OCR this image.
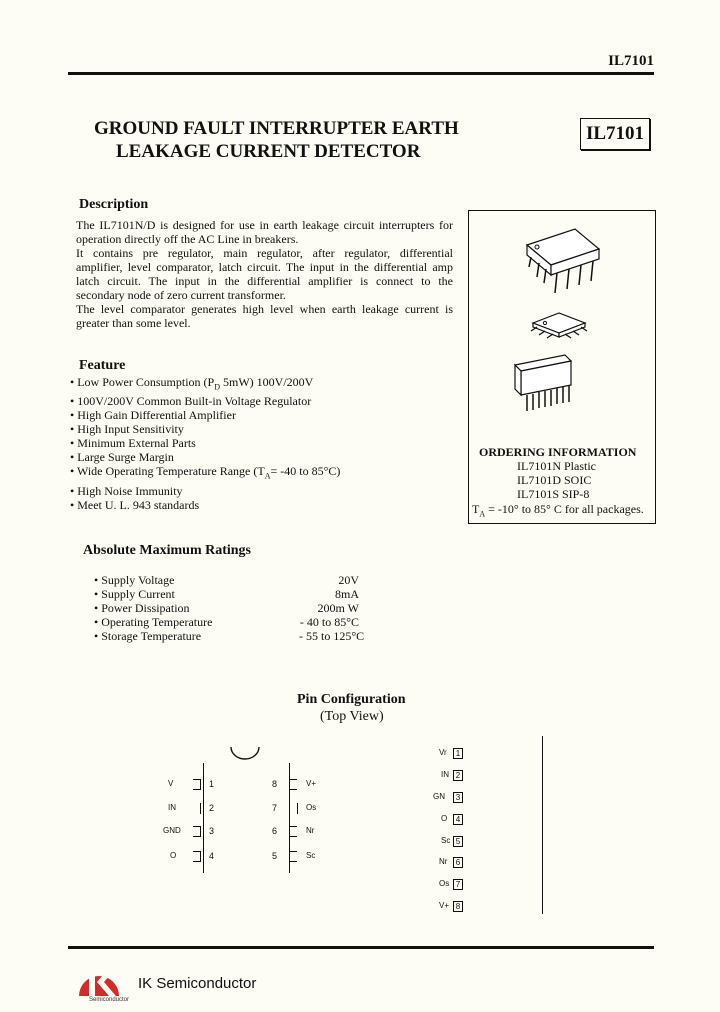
IL7101
GROUND FAULT INTERRUPTER EARTH
LEAKAGE CURRENT DETECTOR
IL7101
Description
The IL7101N/D is designed for use in earth leakage circuit interrupters for
operation directly off the AC Line in breakers.
It contains pre regulator, main regulator, after regulator, differential
amplifier, level comparator, latch circuit. The input in the differential amp
latch circuit. The input in the differential amplifier is connect to the
secondary node of zero current transformer.
The level comparator generates high level when earth leakage current is
greater than some level.
ORDERING INFORMATION
IL7101N Plastic
IL7101D SOIC
IL7101S SIP-8
$T_A = -10^\circ$ to 85° C for all packages.
Feature
• Low Power Consumption ($P_D$ 5mW) 100V/200V
• 100V/200V Common Built-in Voltage Regulator
• High Gain Differential Amplifier
• High Input Sensitivity
• Minimum External Parts
• Large Surge Margin
• Wide Operating Temperature Range ($T_A= -40$ to 85°C)
• High Noise Immunity
• Meet U. L. 943 standards
Absolute Maximum Ratings
• Supply Voltage	20V
• Supply Current	8mA
• Power Dissipation	200m W
• Operating Temperature	- 40 to 85°C
• Storage Temperature	- 55 to 125°C
Pin Configuration
(Top View)
V	1
IN	2
GND	3
O	4
8	V+
7	Os
6	Nr
5	Sc
Vr	1
IN 2
GN	3
O	4
Sc 5
Nr	6
Os 7
V+ 8
Semiconductor
IK Semiconductor
